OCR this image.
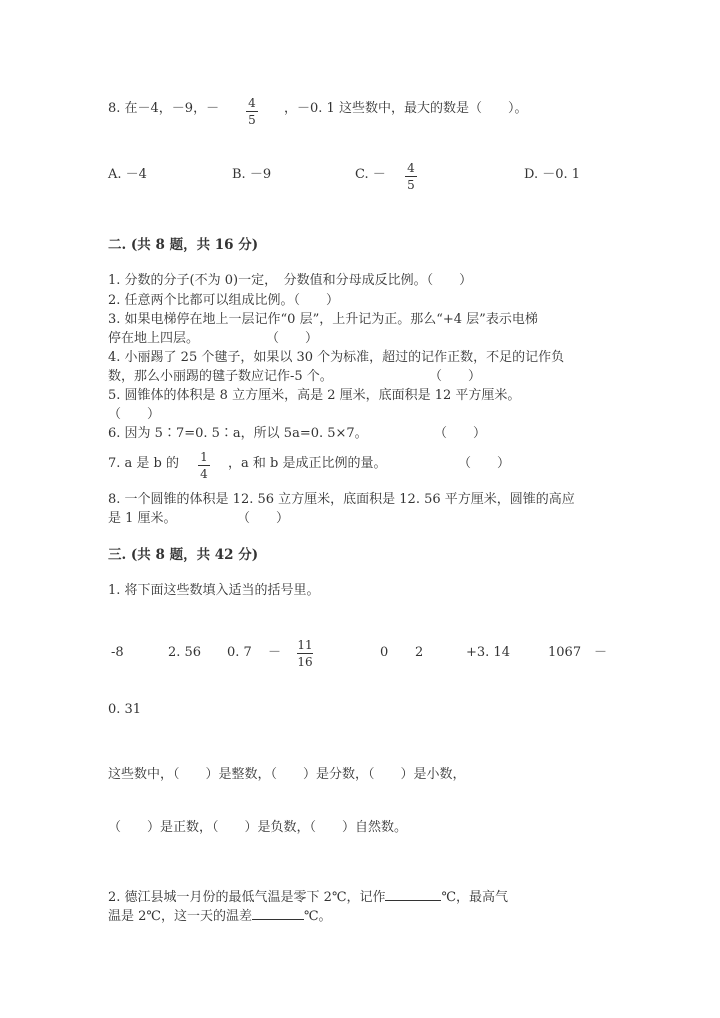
8. 在－4，－9，－ 4
5
，－0. 1 这些数中，最大的数是（　　）。
A. －4	B. －9	C. － 4
5
D. －0. 1
二. (共 8 题，共 16 分)
1. 分数的分子(不为 0)一定，　分数值和分母成反比例。（　　）
2. 任意两个比都可以组成比例。（　　）
3. 如果电梯停在地上一层记作“0 层”，上升记为正。那么“+4 层”表示电梯
停在地上四层。	（　　）
4. 小丽踢了 25 个毽子，如果以 30 个为标准，超过的记作正数，不足的记作负
数，那么小丽踢的毽子数应记作-5 个。	（　　）
5. 圆锥体的体积是 8 立方厘米，高是 2 厘米，底面积是 12 平方厘米。
（　　）
6. 因为 5∶7=0. 5∶a，所以 5a=0. 5×7。	（　　）
7. a 是 b 的 1
4
，a 和 b 是成正比例的量。	（　　）
8. 一个圆锥的体积是 12. 56 立方厘米，底面积是 12. 56 平方厘米，圆锥的高应
是 1 厘米。	（　　）
三. (共 8 题，共 42 分)
1. 将下面这些数填入适当的括号里。
-8	2. 56 0. 7 － 11
16
0 2	+3. 14	1067 －
0. 31
这些数中，（　　）是整数，（　　）是分数，（　　）是小数，
（　　）是正数，（　　）是负数，（　　）自然数。
2. 德江县城一月份的最低气温是零下 2℃，记作	℃，最高气
温是 2℃，这一天的温差	℃。
